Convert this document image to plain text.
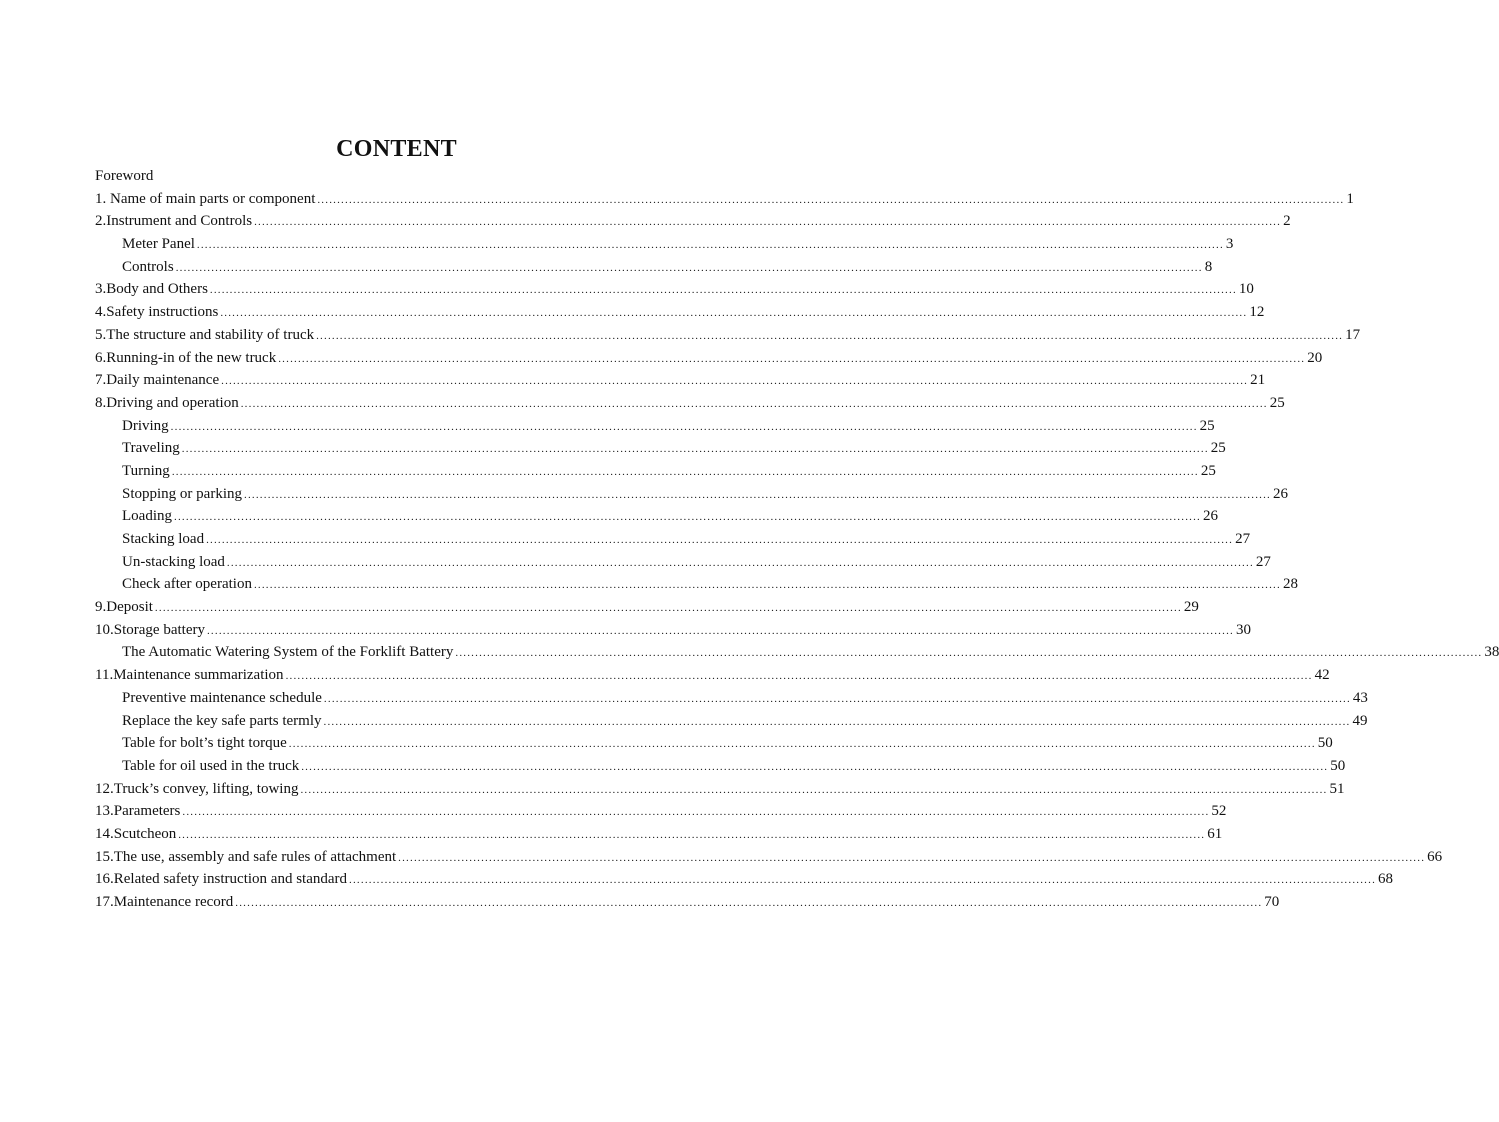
CONTENT
Foreword
1. Name of main parts or component .................................................................................................................................................................................................................................................................... 1
2.Instrument and Controls .................................................................................................................................................................................................................................................................... 2
Meter Panel .................................................................................................................................................................................................................................................................... 3
Controls .................................................................................................................................................................................................................................................................... 8
3.Body and Others .................................................................................................................................................................................................................................................................... 10
4.Safety instructions .................................................................................................................................................................................................................................................................... 12
5.The structure and stability of truck .................................................................................................................................................................................................................................................................... 17
6.Running-in of the new truck .................................................................................................................................................................................................................................................................... 20
7.Daily maintenance .................................................................................................................................................................................................................................................................... 21
8.Driving and operation .................................................................................................................................................................................................................................................................... 25
Driving .................................................................................................................................................................................................................................................................... 25
Traveling .................................................................................................................................................................................................................................................................... 25
Turning .................................................................................................................................................................................................................................................................... 25
Stopping or parking .................................................................................................................................................................................................................................................................... 26
Loading .................................................................................................................................................................................................................................................................... 26
Stacking load .................................................................................................................................................................................................................................................................... 27
Un-stacking load .................................................................................................................................................................................................................................................................... 27
Check after operation .................................................................................................................................................................................................................................................................... 28
9.Deposit .................................................................................................................................................................................................................................................................... 29
10.Storage battery .................................................................................................................................................................................................................................................................... 30
The Automatic Watering System of the Forklift Battery .................................................................................................................................................................................................................................................................... 38
11.Maintenance summarization .................................................................................................................................................................................................................................................................... 42
Preventive maintenance schedule .................................................................................................................................................................................................................................................................... 43
Replace the key safe parts termly .................................................................................................................................................................................................................................................................... 49
Table for bolt’s tight torque .................................................................................................................................................................................................................................................................... 50
Table for oil used in the truck .................................................................................................................................................................................................................................................................... 50
12.Truck’s convey, lifting, towing .................................................................................................................................................................................................................................................................... 51
13.Parameters .................................................................................................................................................................................................................................................................... 52
14.Scutcheon .................................................................................................................................................................................................................................................................... 61
15.The use, assembly and safe rules of attachment .................................................................................................................................................................................................................................................................... 66
16.Related safety instruction and standard .................................................................................................................................................................................................................................................................... 68
17.Maintenance record .................................................................................................................................................................................................................................................................... 70
